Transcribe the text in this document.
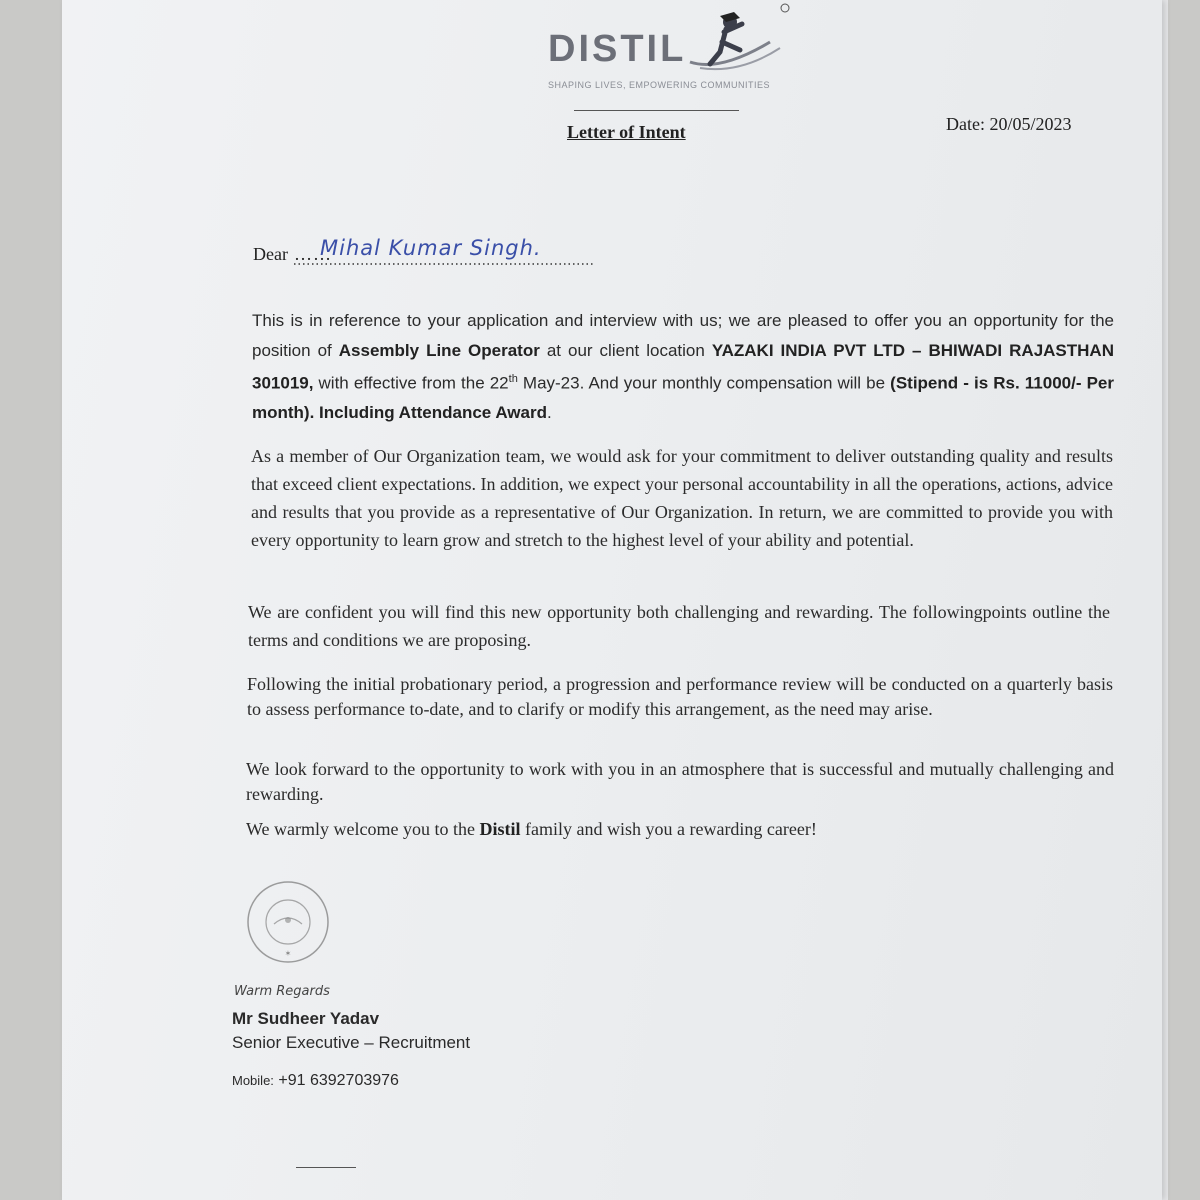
DISTIL
SHAPING LIVES, EMPOWERING COMMUNITIES
Letter of Intent	Date: 20/05/2023
Dear ……
Mihal Kumar Singh.
This is in reference to your application and interview with us; we are pleased to offer you an opportunity for the position of Assembly Line Operator at our client location YAZAKI INDIA PVT LTD – BHIWADI RAJASTHAN 301019, with effective from the 22th May-23. And your monthly compensation will be (Stipend - is Rs. 11000/- Per month). Including Attendance Award.
As a member of Our Organization team, we would ask for your commitment to deliver outstanding quality and results that exceed client expectations. In addition, we expect your personal accountability in all the operations, actions, advice and results that you provide as a representative of Our Organization. In return, we are committed to provide you with every opportunity to learn grow and stretch to the highest level of your ability and potential.
We are confident you will find this new opportunity both challenging and rewarding. The followingpoints outline the terms and conditions we are proposing.
Following the initial probationary period, a progression and performance review will be conducted on a quarterly basis to assess performance to-date, and to clarify or modify this arrangement, as the need may arise.
We look forward to the opportunity to work with you in an atmosphere that is successful and mutually challenging and rewarding.
We warmly welcome you to the Distil family and wish you a rewarding career!
✶
Warm Regards
Mr Sudheer Yadav
Senior Executive – Recruitment
Mobile: +91 6392703976
